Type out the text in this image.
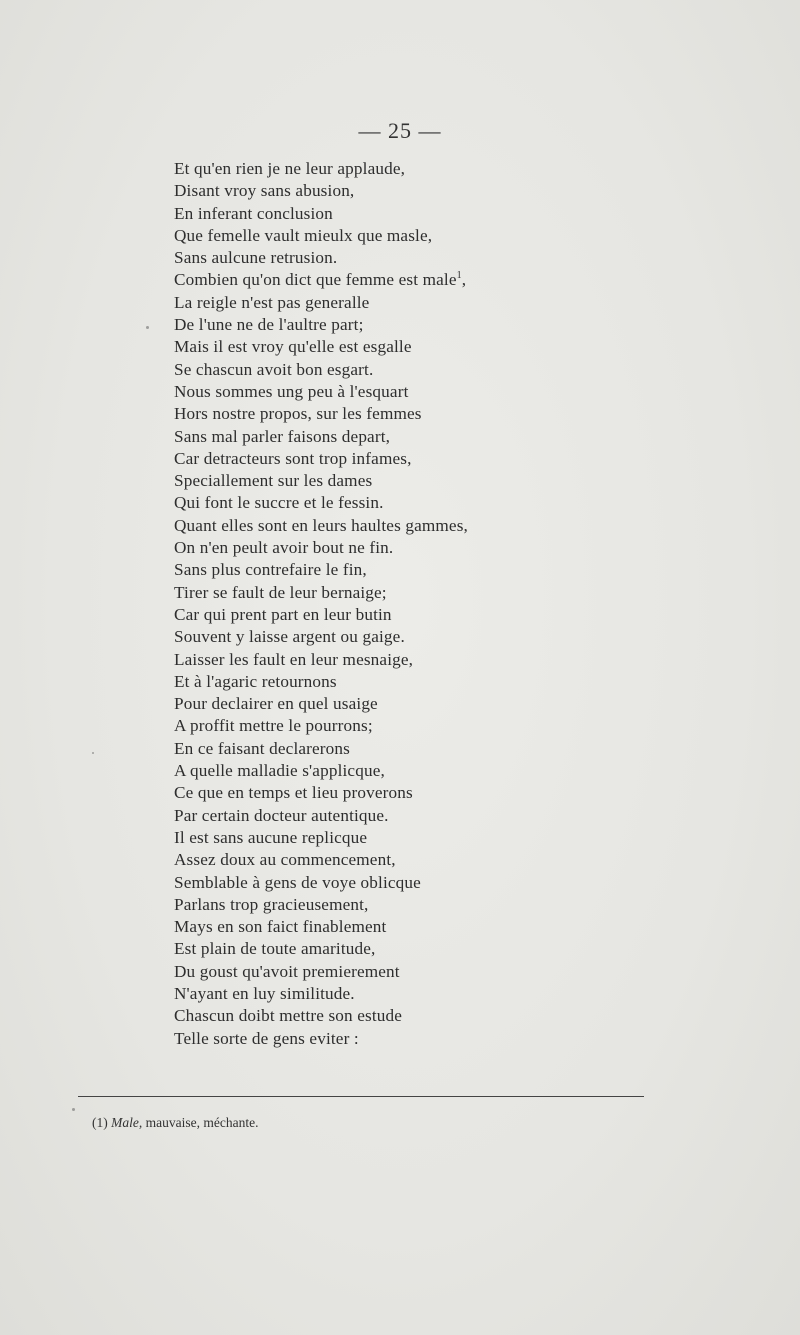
— 25 —
Et qu'en rien je ne leur applaude,
Disant vroy sans abusion,
En inferant conclusion
Que femelle vault mieulx que masle,
Sans aulcune retrusion.
Combien qu'on dict que femme est male$^1$,
La reigle n'est pas generalle
De l'une ne de l'aultre part;
Mais il est vroy qu'elle est esgalle
Se chascun avoit bon esgart.
Nous sommes ung peu à l'esquart
Hors nostre propos, sur les femmes
Sans mal parler faisons depart,
Car detracteurs sont trop infames,
Speciallement sur les dames
Qui font le succre et le fessin.
Quant elles sont en leurs haultes gammes,
On n'en peult avoir bout ne fin.
Sans plus contrefaire le fin,
Tirer se fault de leur bernaige;
Car qui prent part en leur butin
Souvent y laisse argent ou gaige.
Laisser les fault en leur mesnaige,
Et à l'agaric retournons
Pour declairer en quel usaige
A proffit mettre le pourrons;
En ce faisant declarerons
A quelle malladie s'applicque,
Ce que en temps et lieu proverons
Par certain docteur autentique.
Il est sans aucune replicque
Assez doux au commencement,
Semblable à gens de voye oblicque
Parlans trop gracieusement,
Mays en son faict finablement
Est plain de toute amaritude,
Du goust qu'avoit premierement
N'ayant en luy similitude.
Chascun doibt mettre son estude
Telle sorte de gens eviter :
(1) Male, mauvaise, méchante.
